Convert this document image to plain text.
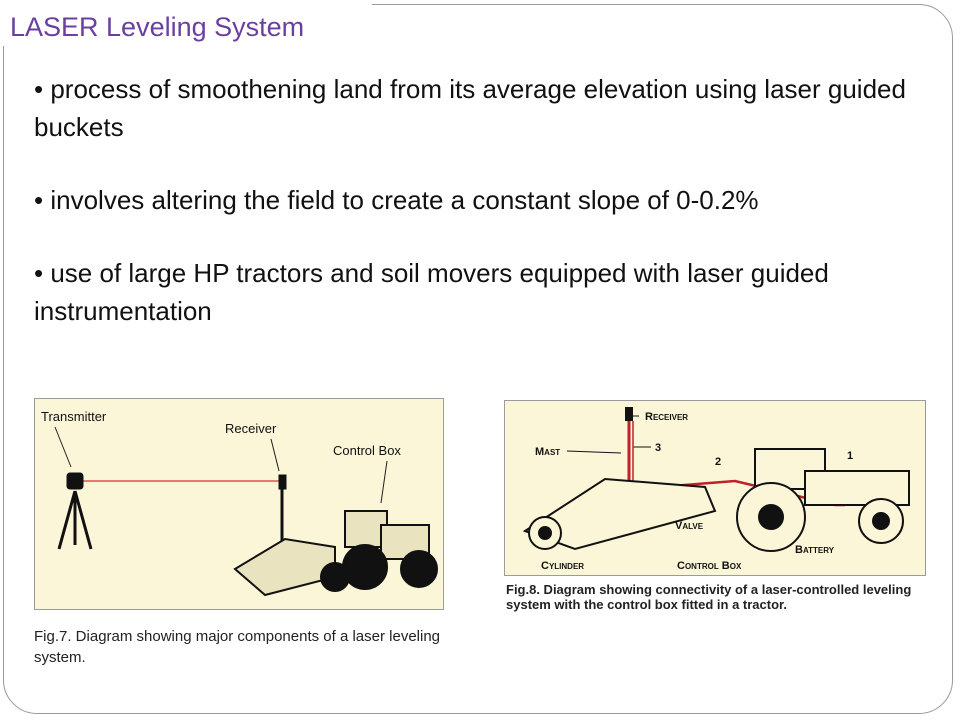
LASER Leveling System
• process of smoothening land from its average elevation using laser guided buckets
• involves altering the field to create a constant slope of 0-0.2%
• use of large HP tractors and soil movers equipped with laser guided instrumentation
Transmitter
Receiver
Control Box
Fig.7. Diagram showing major components of a laser leveling system.
Receiver
Mast	3
2	1
Valve
Cylinder	Control Box
Battery
Fig.8. Diagram showing connectivity of a laser-controlled leveling system with the control box fitted in a tractor.
